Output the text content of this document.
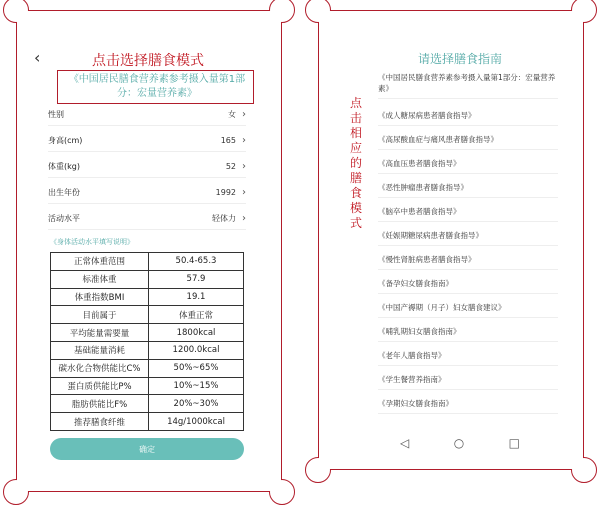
‹	点击选择膳食模式
《中国居民膳食营养素参考摄入量第1部分：宏量营养素》
性别	女 ›
身高(cm)	165 ›
体重(kg)	52 ›
出生年份	1992 ›
活动水平	轻体力 ›
《身体活动水平填写说明》
正常体重范围	50.4-65.3
标准体重	57.9
体重指数BMI	19.1
目前属于	体重正常
平均能量需要量	1800kcal
基础能量消耗	1200.0kcal
碳水化合物供能比C%	50%~65%
蛋白质供能比P%	10%~15%
脂肪供能比F%	20%~30%
推荐膳食纤维	14g/1000kcal
确定
请选择膳食指南
点击相应的膳食模式
《中国居民膳食营养素参考摄入量第1部分：宏量营养素》
《成人糖尿病患者膳食指导》
《高尿酸血症与痛风患者膳食指导》
《高血压患者膳食指导》
《恶性肿瘤患者膳食指导》
《脑卒中患者膳食指导》
《妊娠期糖尿病患者膳食指导》
《慢性肾脏病患者膳食指导》
《备孕妇女膳食指南》
《中国产褥期（月子）妇女膳食建议》
《哺乳期妇女膳食指南》
《老年人膳食指导》
《学生餐营养指南》
《孕期妇女膳食指南》
◁	○	□
